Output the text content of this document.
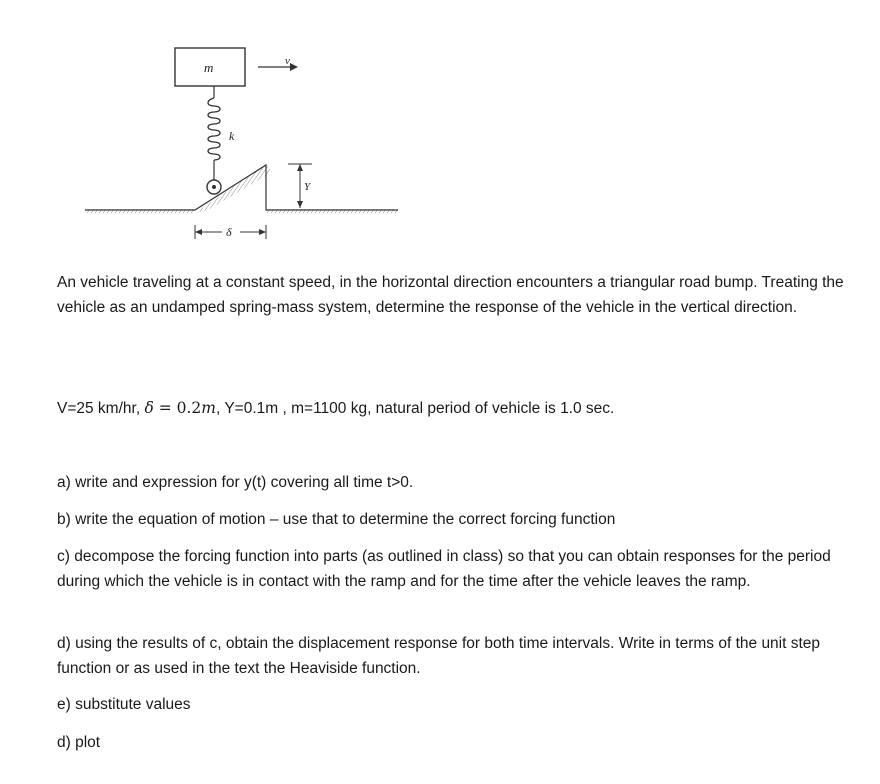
m	v
k
Y
δ

An vehicle traveling at a constant speed, in the horizontal direction encounters a triangular road bump. Treating the vehicle as an undamped spring-mass system, determine the response of the vehicle in the vertical direction.

V=25 km/hr, δ = 0.2m, Y=0.1m , m=1100 kg, natural period of vehicle is 1.0 sec.

a) write and expression for y(t) covering all time t>0.

b) write the equation of motion – use that to determine the correct forcing function

c) decompose the forcing function into parts (as outlined in class) so that you can obtain responses for the period during which the vehicle is in contact with the ramp and for the time after the vehicle leaves the ramp.

d) using the results of c, obtain the displacement response for both time intervals. Write in terms of the unit step function or as used in the text the Heaviside function.

e) substitute values

d) plot
